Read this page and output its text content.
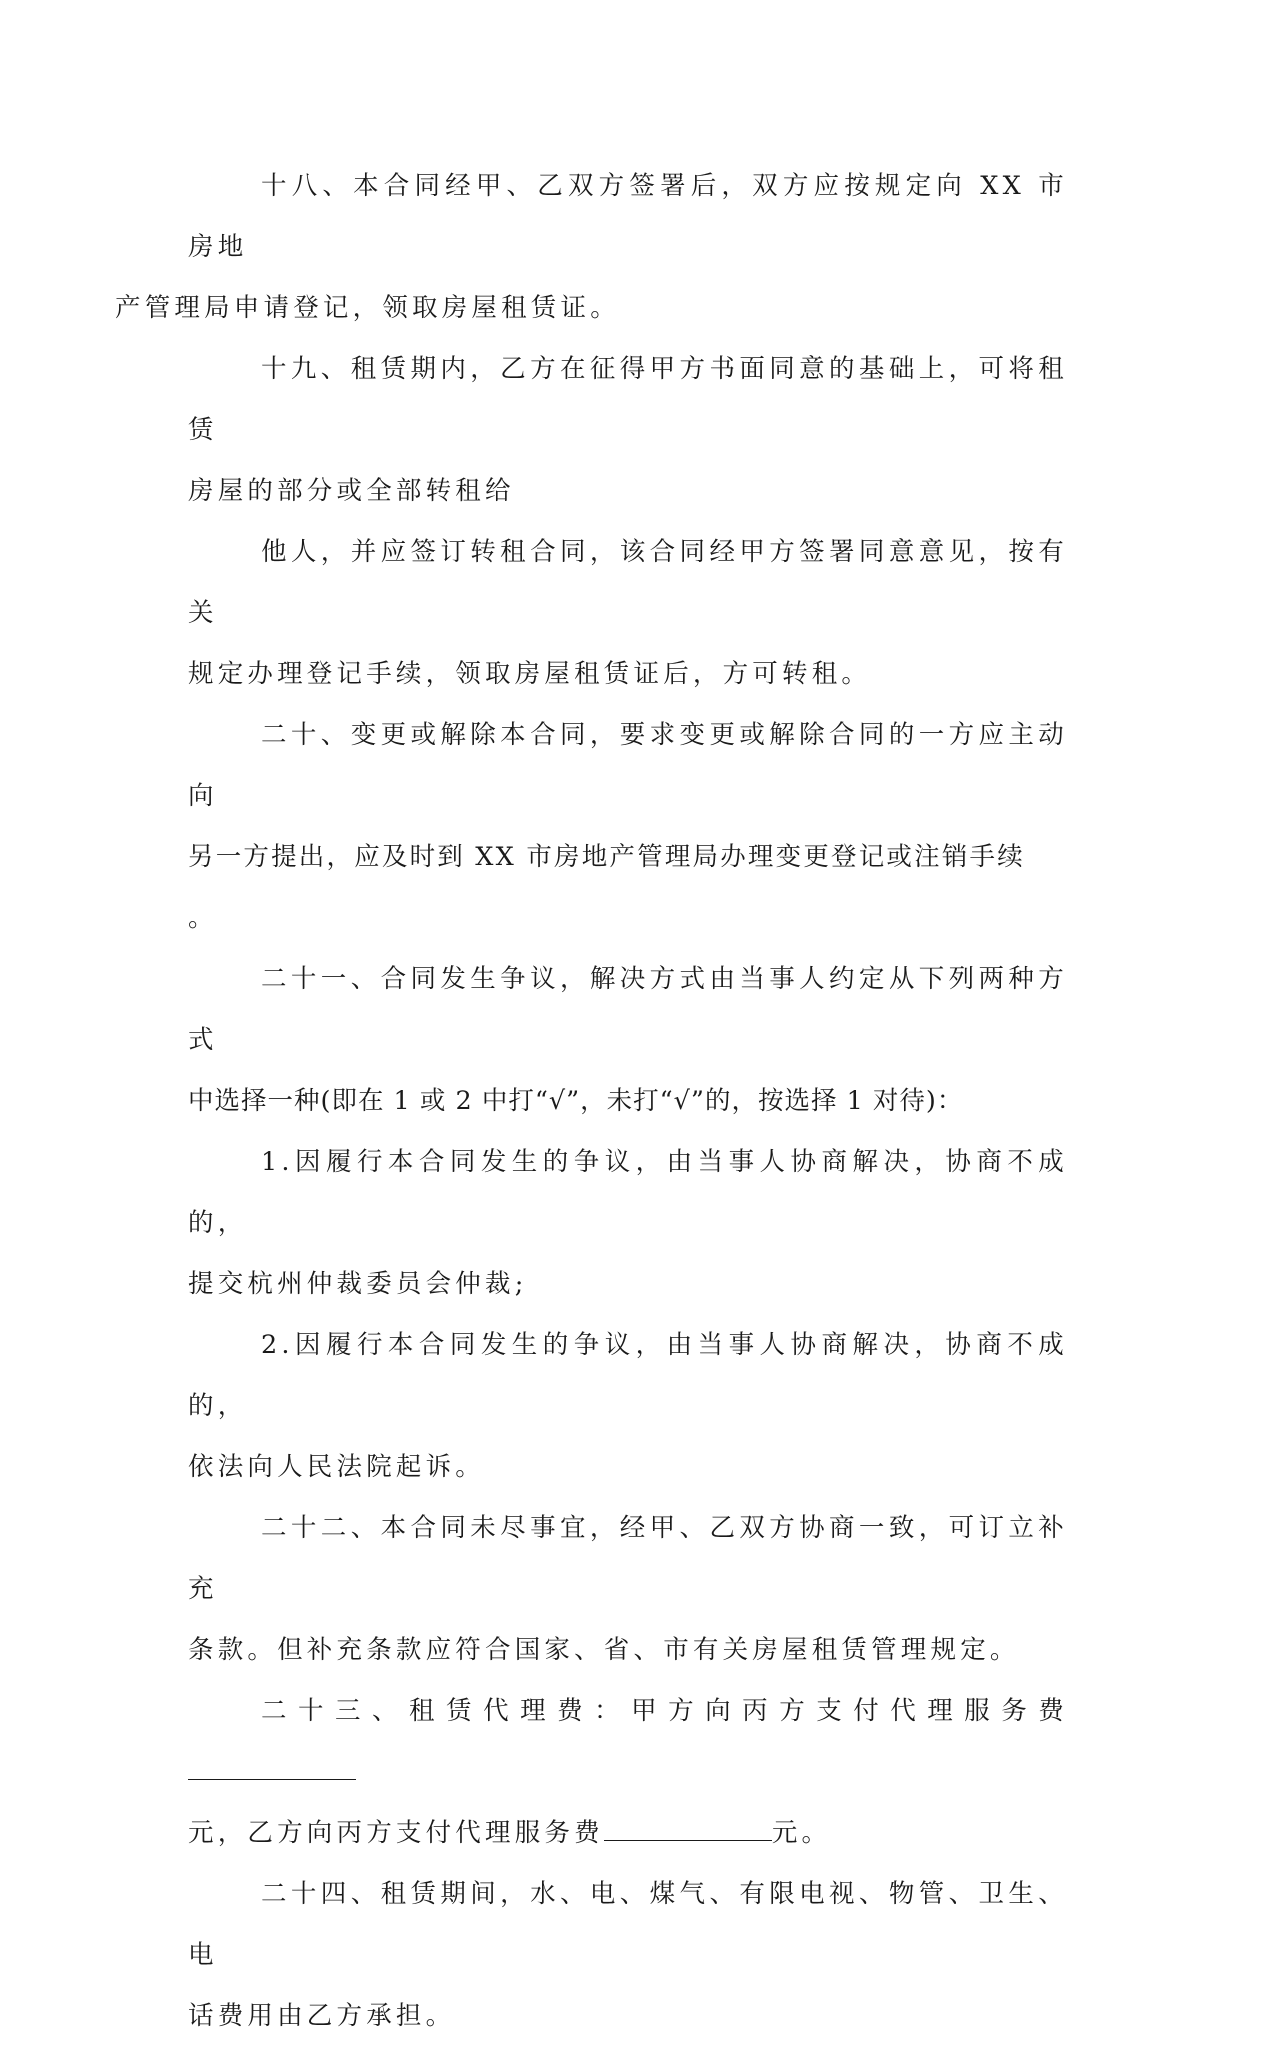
十八、本合同经甲、乙双方签署后，双方应按规定向 XX 市房地
产管理局申请登记，领取房屋租赁证。

十九、租赁期内，乙方在征得甲方书面同意的基础上，可将租赁
房屋的部分或全部转租给

他人，并应签订转租合同，该合同经甲方签署同意意见，按有关
规定办理登记手续，领取房屋租赁证后，方可转租。

二十、变更或解除本合同，要求变更或解除合同的一方应主动向
另一方提出，应及时到 XX 市房地产管理局办理变更登记或注销手续
。

二十一、合同发生争议，解决方式由当事人约定从下列两种方式
中选择一种(即在 1 或 2 中打“√”，未打“√”的，按选择 1 对待)：

1.因履行本合同发生的争议，由当事人协商解决，协商不成的，
提交杭州仲裁委员会仲裁;

2.因履行本合同发生的争议，由当事人协商解决，协商不成的，
依法向人民法院起诉。

二十二、本合同未尽事宜，经甲、乙双方协商一致，可订立补充
条款。但补充条款应符合国家、省、市有关房屋租赁管理规定。

二十三、租赁代理费：甲方向丙方支付代理服务费
元，乙方向丙方支付代理服务费	元。

二十四、租赁期间，水、电、煤气、有限电视、物管、卫生、电
话费用由乙方承担。
